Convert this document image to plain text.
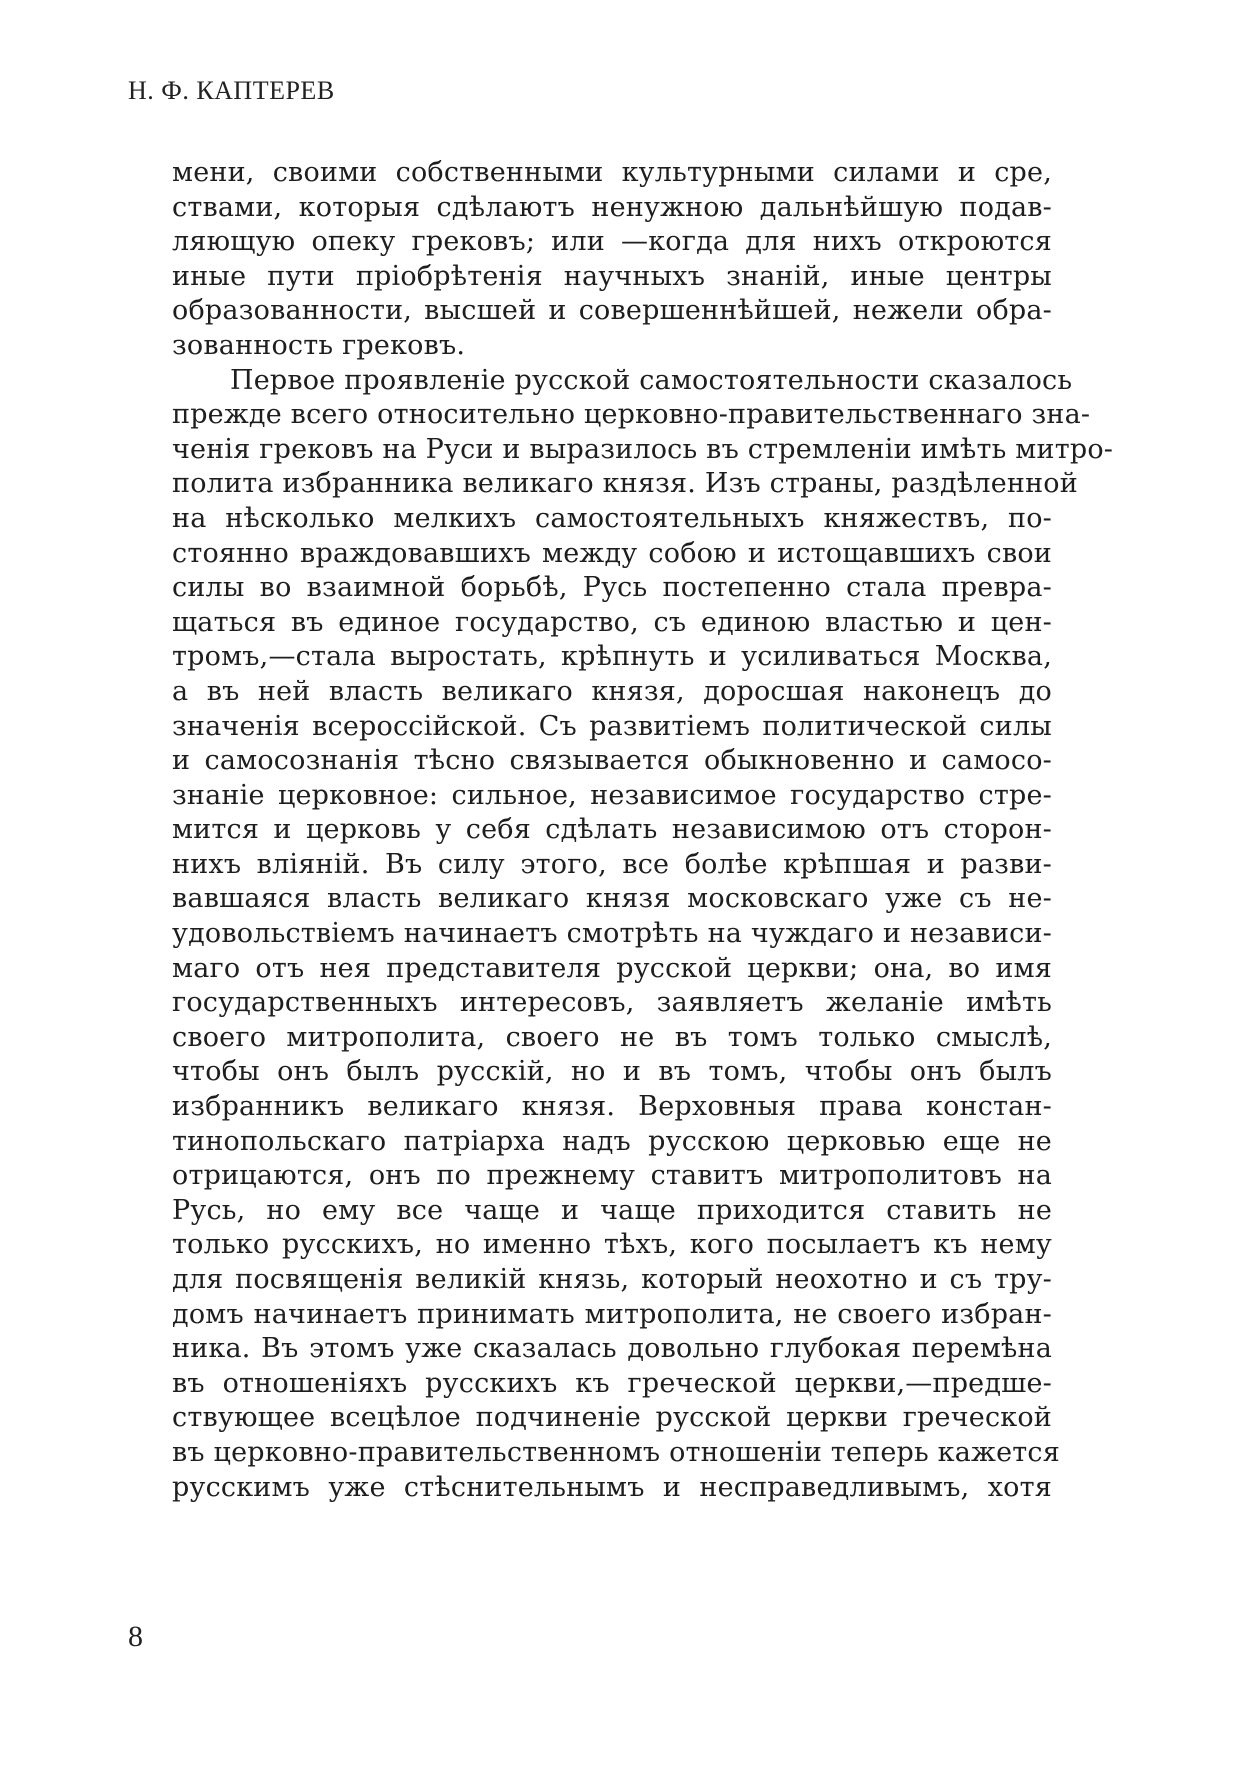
Н. Ф. КАПТЕРЕВ
мени, своими собственными культурными силами и сре,
ствами, которыя сдѣлаютъ ненужною дальнѣйшую подав-
ляющую опеку грековъ; или —когда для нихъ откроются
иные пути пріобрѣтенія научныхъ знаній, иные центры
образованности, высшей и совершеннѣйшей, нежели обра-
зованность грековъ.
Первое проявленіе русской самостоятельности сказалось
прежде всего относительно церковно-правительственнаго зна-
ченія грековъ на Руси и выразилось въ стремленіи имѣть митро-
полита избранника великаго князя. Изъ страны, раздѣленной
на нѣсколько мелкихъ самостоятельныхъ княжествъ, по-
стоянно враждовавшихъ между собою и истощавшихъ свои
силы во взаимной борьбѣ, Русь постепенно стала превра-
щаться въ единое государство, съ единою властью и цен-
тромъ,—стала выростать, крѣпнуть и усиливаться Москва,
а въ ней власть великаго князя, доросшая наконецъ до
значенія всероссійской. Съ развитіемъ политической силы
и самосознанія тѣсно связывается обыкновенно и самосо-
знаніе церковное: сильное, независимое государство стре-
мится и церковь у себя сдѣлать независимою отъ сторон-
нихъ вліяній. Въ силу этого, все болѣе крѣпшая и разви-
вавшаяся власть великаго князя московскаго уже съ не-
удовольствіемъ начинаетъ смотрѣть на чуждаго и независи-
маго отъ нея представителя русской церкви; она, во имя
государственныхъ интересовъ, заявляетъ желаніе имѣть
своего митрополита, своего не въ томъ только смыслѣ,
чтобы онъ былъ русскій, но и въ томъ, чтобы онъ былъ
избранникъ великаго князя. Верховныя права констан-
тинопольскаго патріарха надъ русскою церковью еще не
отрицаются, онъ по прежнему ставитъ митрополитовъ на
Русь, но ему все чаще и чаще приходится ставить не
только русскихъ, но именно тѣхъ, кого посылаетъ къ нему
для посвященія великій князь, который неохотно и съ тру-
домъ начинаетъ принимать митрополита, не своего избран-
ника. Въ этомъ уже сказалась довольно глубокая перемѣна
въ отношеніяхъ русскихъ къ греческой церкви,—предше-
ствующее всецѣлое подчиненіе русской церкви греческой
въ церковно-правительственномъ отношеніи теперь кажется
русскимъ уже стѣснительнымъ и несправедливымъ, хотя
8
